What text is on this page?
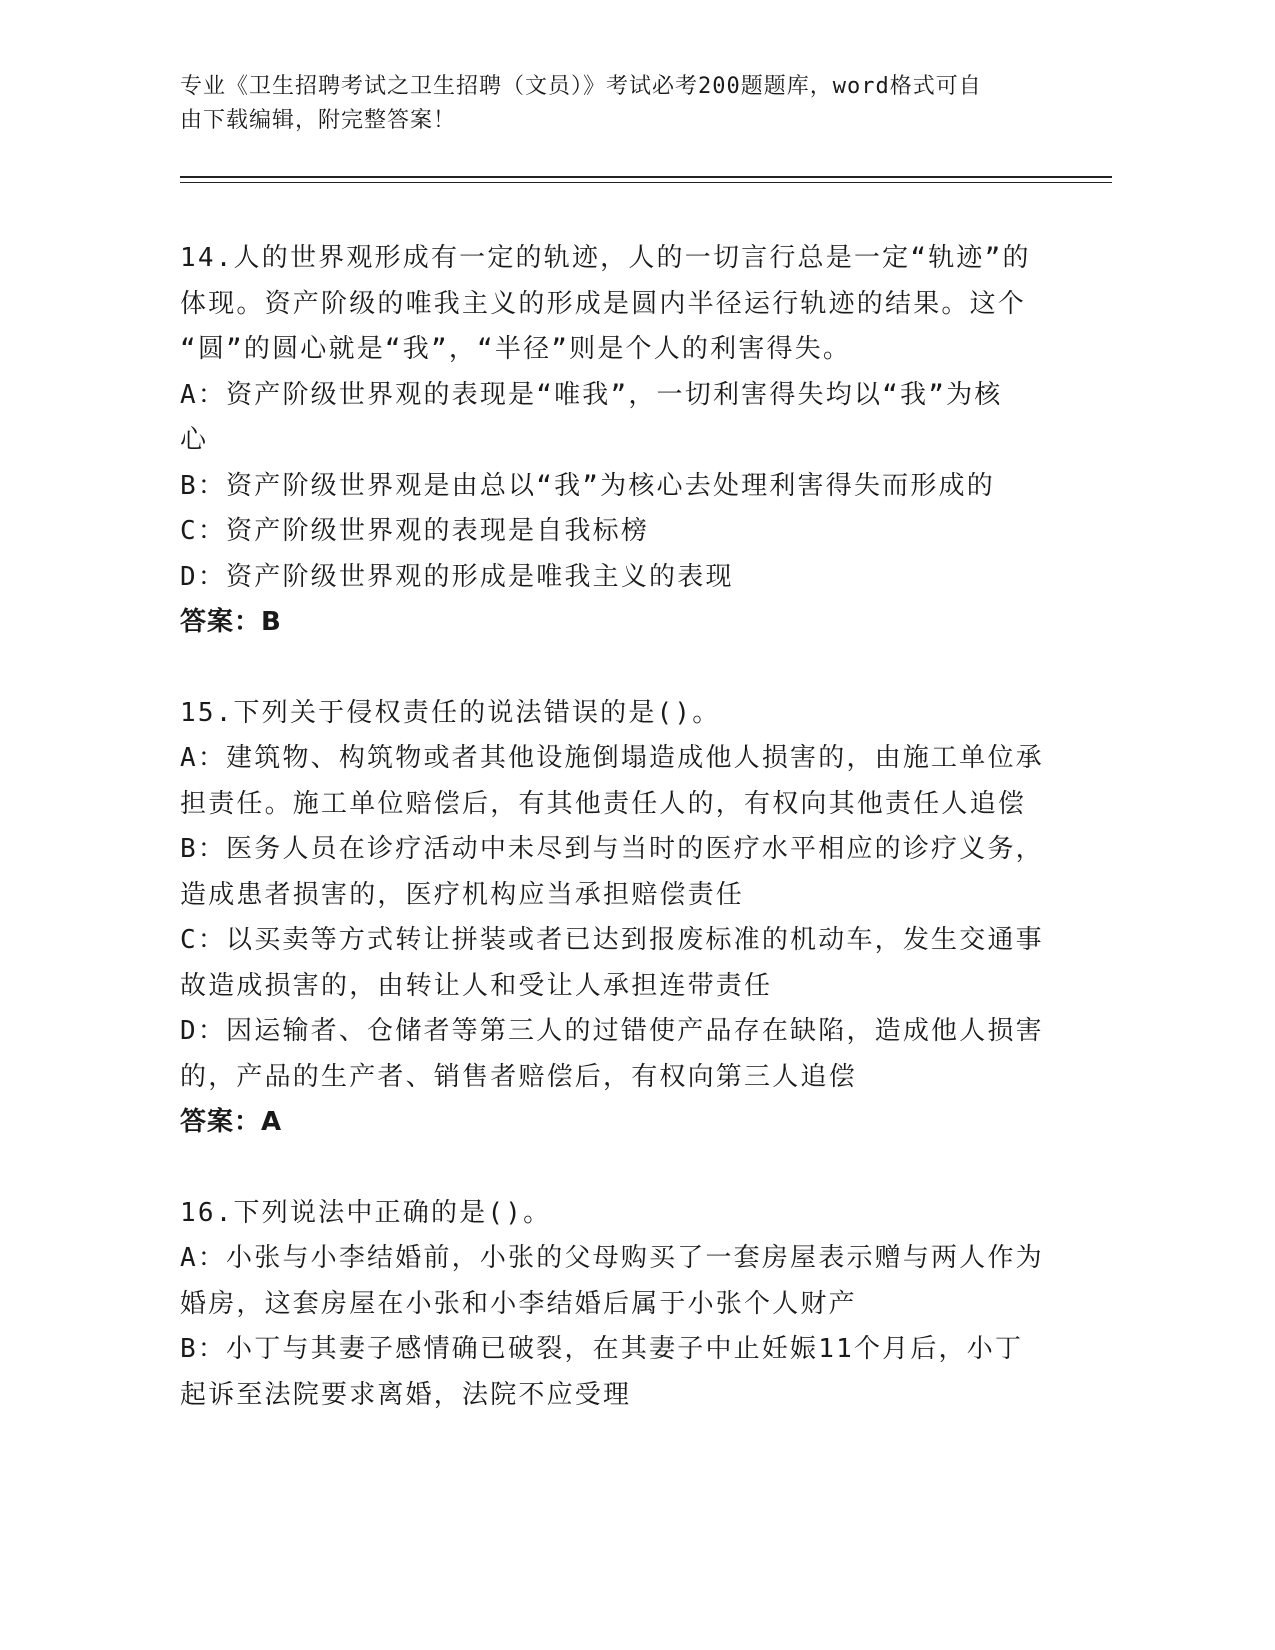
专业《卫生招聘考试之卫生招聘（文员）》考试必考200题题库，word格式可自
由下载编辑，附完整答案！
14.人的世界观形成有一定的轨迹，人的一切言行总是一定“轨迹”的
体现。资产阶级的唯我主义的形成是圆内半径运行轨迹的结果。这个
“圆”的圆心就是“我”，“半径”则是个人的利害得失。
A：资产阶级世界观的表现是“唯我”，一切利害得失均以“我”为核
心
B：资产阶级世界观是由总以“我”为核心去处理利害得失而形成的
C：资产阶级世界观的表现是自我标榜
D：资产阶级世界观的形成是唯我主义的表现
答案：B
15.下列关于侵权责任的说法错误的是()。
A：建筑物、构筑物或者其他设施倒塌造成他人损害的，由施工单位承
担责任。施工单位赔偿后，有其他责任人的，有权向其他责任人追偿
B：医务人员在诊疗活动中未尽到与当时的医疗水平相应的诊疗义务，
造成患者损害的，医疗机构应当承担赔偿责任
C：以买卖等方式转让拼装或者已达到报废标准的机动车，发生交通事
故造成损害的，由转让人和受让人承担连带责任
D：因运输者、仓储者等第三人的过错使产品存在缺陷，造成他人损害
的，产品的生产者、销售者赔偿后，有权向第三人追偿
答案：A
16.下列说法中正确的是()。
A：小张与小李结婚前，小张的父母购买了一套房屋表示赠与两人作为
婚房，这套房屋在小张和小李结婚后属于小张个人财产
B：小丁与其妻子感情确已破裂，在其妻子中止妊娠11个月后，小丁
起诉至法院要求离婚，法院不应受理
